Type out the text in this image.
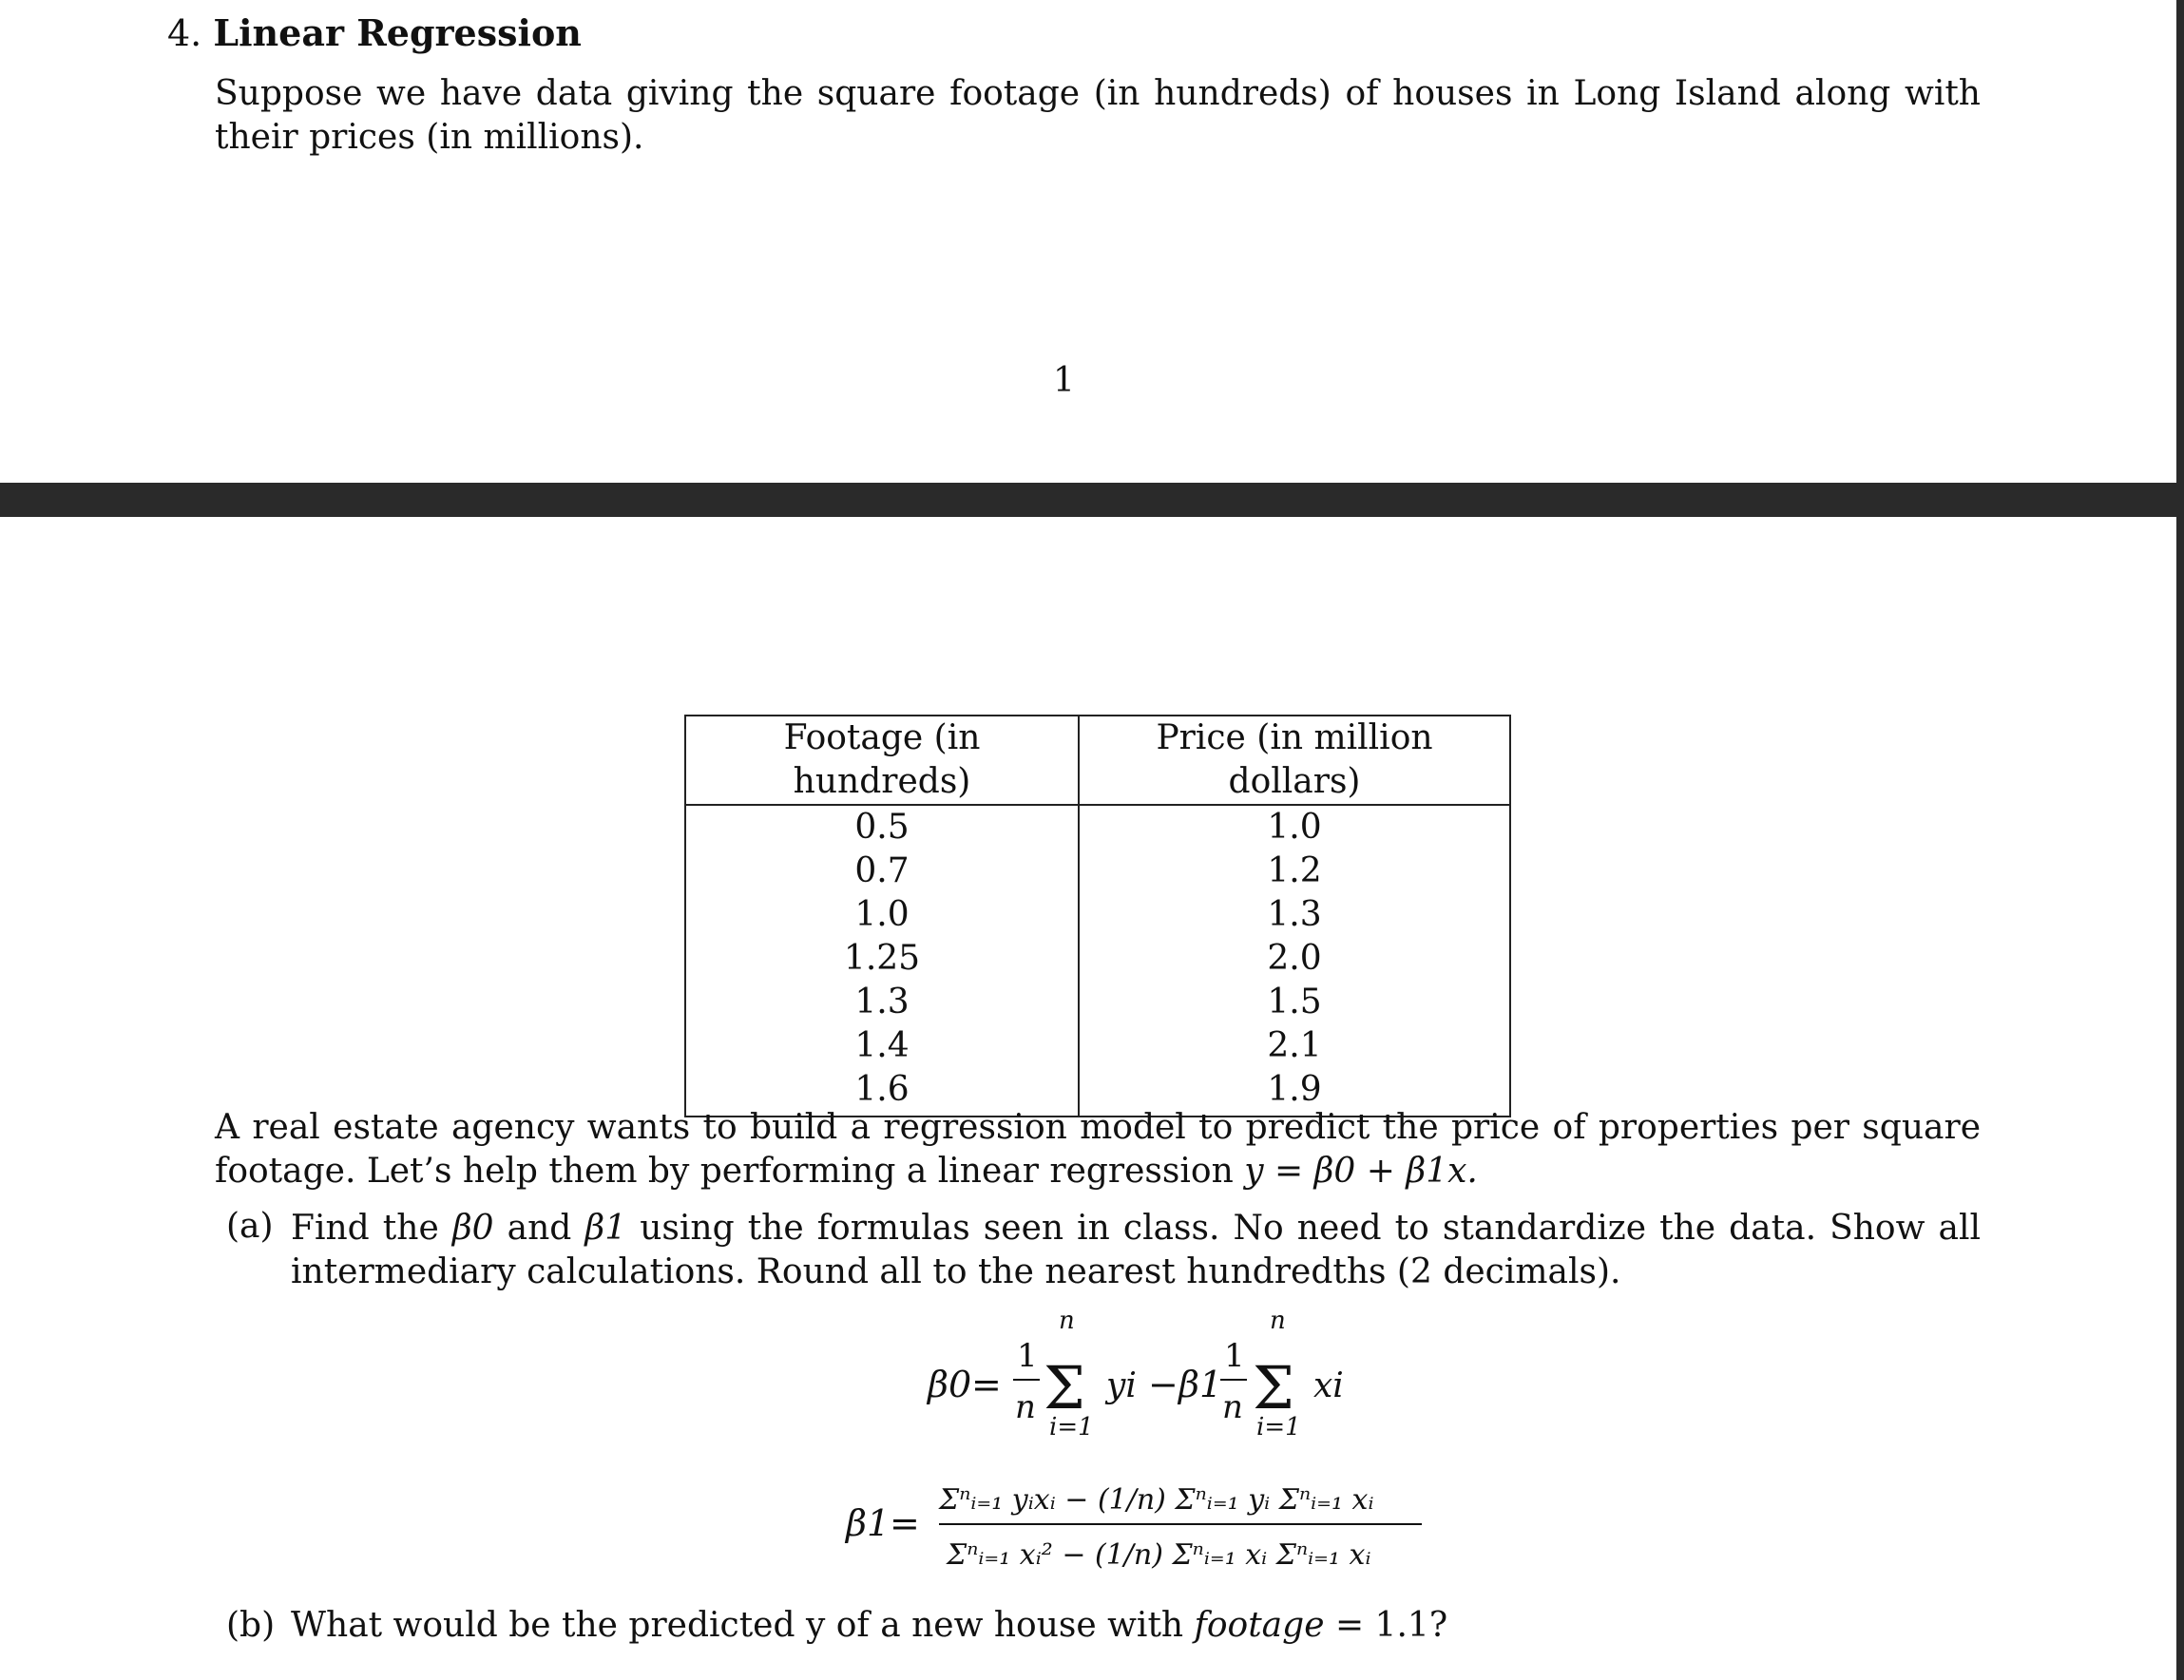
4. Linear Regression
Suppose we have data giving the square footage (in hundreds) of houses in Long Island along with their prices (in millions).
1
Footage (in hundreds)	Price (in million dollars)
0.5	1.0
0.7	1.2
1.0	1.3
1.25	2.0
1.3	1.5
1.4	2.1
1.6	1.9
A real estate agency wants to build a regression model to predict the price of properties per square footage. Let’s help them by performing a linear regression y = β0 + β1x.
(a) Find the β0 and β1 using the formulas seen in class. No need to standardize the data. Show all intermediary calculations. Round all to the nearest hundredths (2 decimals).
β0 =
1
n
n
Σ
i=1
yi − β1
1
n
n
Σ
i=1
xi
β1 =
Σⁿᵢ₌₁ yᵢxᵢ − (1/n) Σⁿᵢ₌₁ yᵢ Σⁿᵢ₌₁ xᵢ
Σⁿᵢ₌₁ xᵢ² − (1/n) Σⁿᵢ₌₁ xᵢ Σⁿᵢ₌₁ xᵢ
(b) What would be the predicted y of a new house with footage = 1.1?
